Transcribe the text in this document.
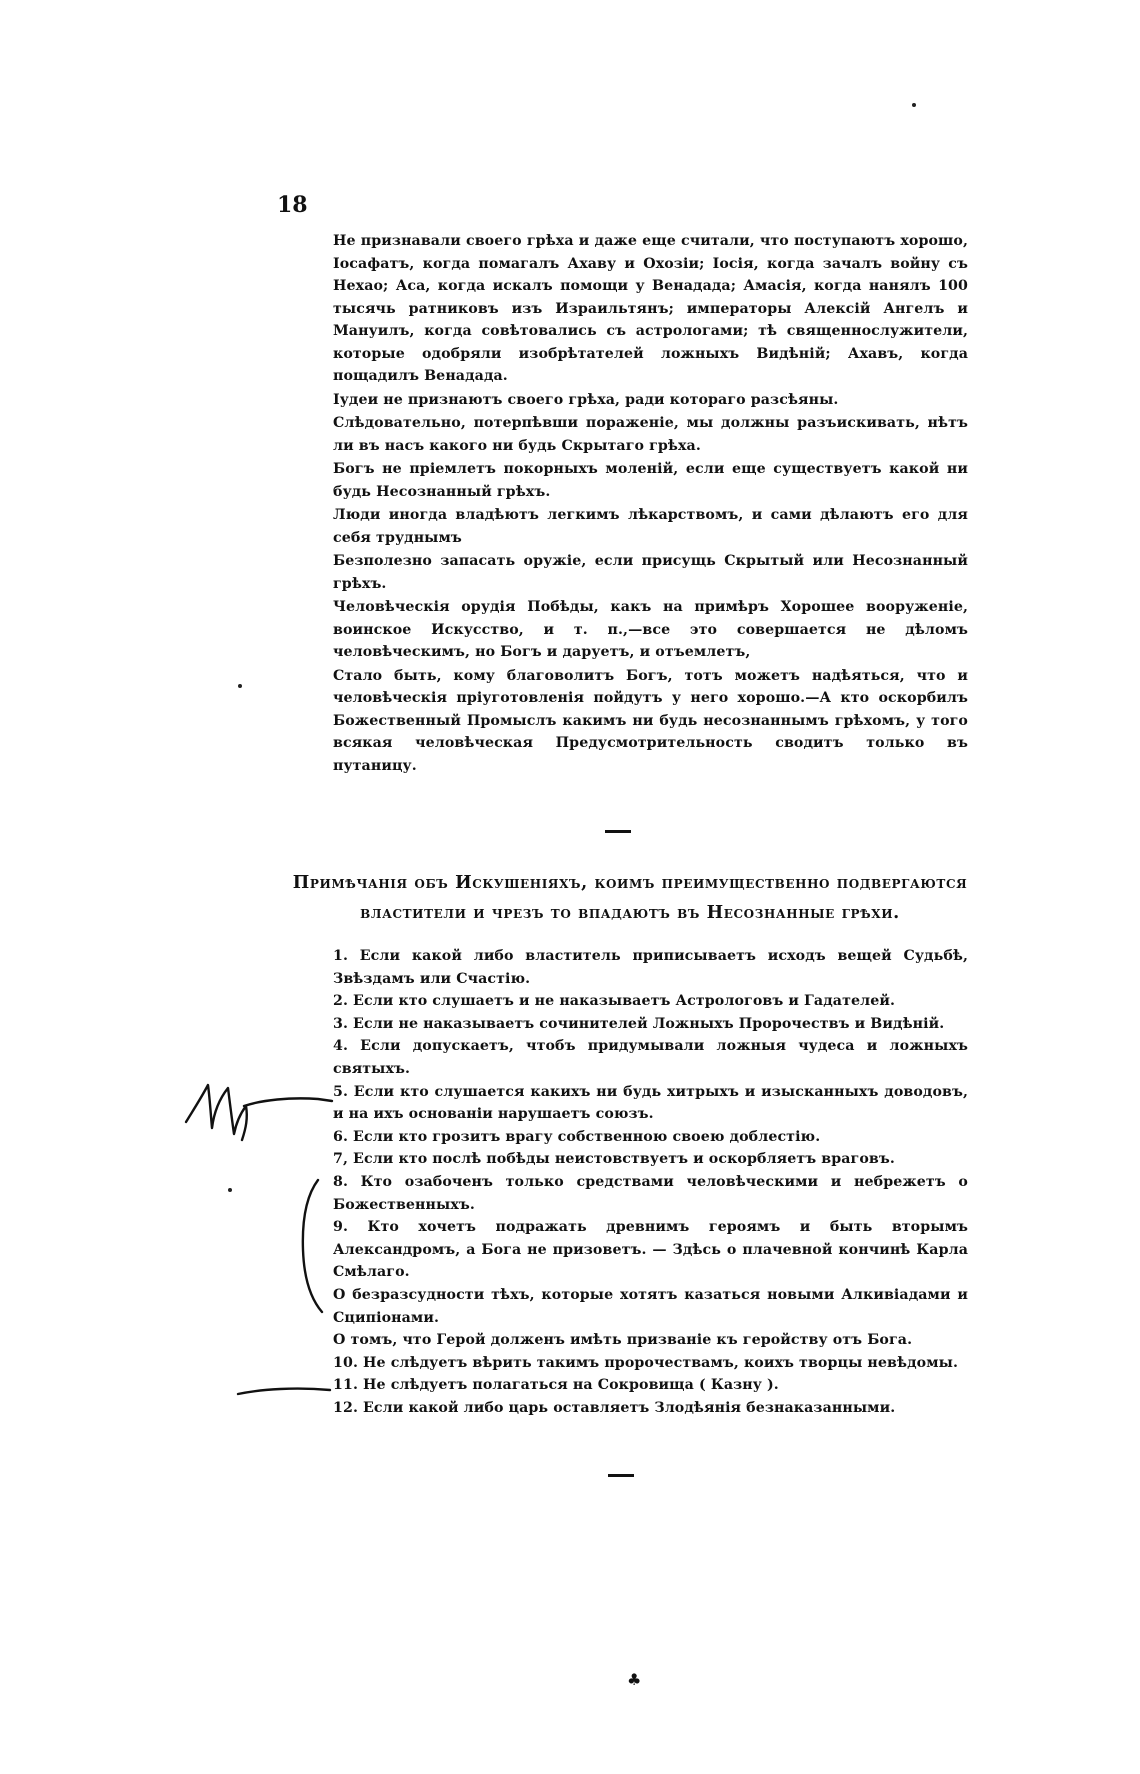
18

Не признавали своего грѣха и даже еще считали, что поступаютъ хорошо, Іосафатъ, когда помагалъ Ахаву и Охозіи; Іосія, когда зачалъ войну съ Нехао; Аса, когда искалъ помощи у Венадада; Амасія, когда нанялъ 100 тысячь ратниковъ изъ Израильтянъ; императоры Алексій Ангелъ и Мануилъ, когда совѣтовались съ астрологами; тѣ священнослужители, которые одобряли изобрѣтателей ложныхъ Видѣній; Ахавъ, когда пощадилъ Венадада.

Іудеи не признаютъ своего грѣха, ради котораго разсѣяны.

Слѣдовательно, потерпѣвши пораженіе, мы должны разъискивать, нѣтъ ли въ насъ какого ни будь Скрытаго грѣха.

Богъ не пріемлетъ покорныхъ моленій, если еще существуетъ какой ни будь Несознанный грѣхъ.

Люди иногда владѣютъ легкимъ лѣкарствомъ, и сами дѣлаютъ его для себя труднымъ

Безполезно запасать оружіе, если присущь Скрытый или Несознанный грѣхъ.

Человѣческія орудія Побѣды, какъ на примѣръ Хорошее вооруженіе, воинское Искусство, и т. п.,—все это совершается не дѣломъ человѣческимъ, но Богъ и даруетъ, и отъемлетъ,

Стало быть, кому благоволитъ Богъ, тотъ можетъ надѣяться, что и человѣческія пріуготовленія пойдутъ у него хорошо.—А кто оскорбилъ Божественный Промыслъ какимъ ни будь несознаннымъ грѣхомъ, у того всякая человѣческая Предусмотрительность сводитъ только въ путаницу.

Примѣчанія объ Искушеніяхъ, коимъ преимущественно подвергаются
властители и чрезъ то впадаютъ въ Несознанные грѣхи.

1. Если какой либо властитель приписываетъ исходъ вещей Судьбѣ, Звѣздамъ или Счастію.

2. Если кто слушаетъ и не наказываетъ Астрологовъ и Гадателей.

3. Если не наказываетъ сочинителей Ложныхъ Пророчествъ и Видѣній.

4. Если допускаетъ, чтобъ придумывали ложныя чудеса и ложныхъ святыхъ.

5. Если кто слушается какихъ ни будь хитрыхъ и изысканныхъ доводовъ, и на ихъ основаніи нарушаетъ союзъ.

6. Если кто грозитъ врагу собственною своею доблестію.

7, Если кто послѣ побѣды неистовствуетъ и оскорбляетъ враговъ.

8. Кто озабоченъ только средствами человѣческими и небрежетъ о Божественныхъ.

9. Кто хочетъ подражать древнимъ героямъ и быть вторымъ Александромъ, а Бога не призоветъ. — Здѣсь о плачевной кончинѣ Карла Смѣлаго.

О безразсудности тѣхъ, которые хотятъ казаться новыми Алкивіадами и Сципіонами.

О томъ, что Герой долженъ имѣть призваніе къ геройству отъ Бога.

10. Не слѣдуетъ вѣрить такимъ пророчествамъ, коихъ творцы невѣдомы.

11. Не слѣдуетъ полагаться на Сокровища ( Казну ).

12. Если какой либо царь оставляетъ Злодѣянія безнаказанными.

♣
